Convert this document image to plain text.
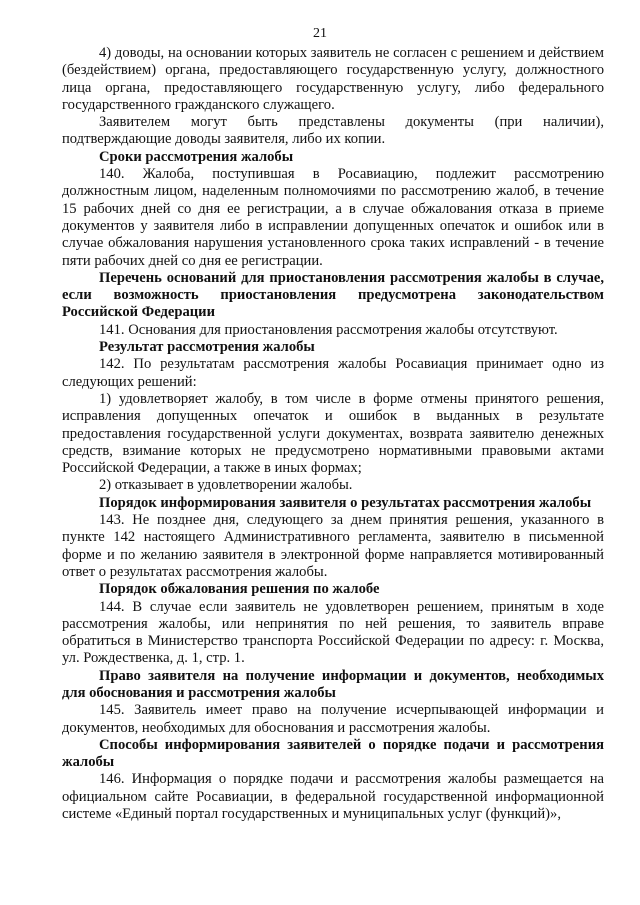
21

4) доводы, на основании которых заявитель не согласен с решением и действием (бездействием) органа, предоставляющего государственную услугу, должностного лица органа, предоставляющего государственную услугу, либо федерального государственного гражданского служащего.

Заявителем могут быть представлены документы (при наличии), подтверждающие доводы заявителя, либо их копии.

Сроки рассмотрения жалобы

140. Жалоба, поступившая в Росавиацию, подлежит рассмотрению должностным лицом, наделенным полномочиями по рассмотрению жалоб, в течение 15 рабочих дней со дня ее регистрации, а в случае обжалования отказа в приеме документов у заявителя либо в исправлении допущенных опечаток и ошибок или в случае обжалования нарушения установленного срока таких исправлений - в течение пяти рабочих дней со дня ее регистрации.

Перечень оснований для приостановления рассмотрения жалобы в случае, если возможность приостановления предусмотрена законодательством Российской Федерации

141. Основания для приостановления рассмотрения жалобы отсутствуют.

Результат рассмотрения жалобы

142. По результатам рассмотрения жалобы Росавиация принимает одно из следующих решений:

1) удовлетворяет жалобу, в том числе в форме отмены принятого решения, исправления допущенных опечаток и ошибок в выданных в результате предоставления государственной услуги документах, возврата заявителю денежных средств, взимание которых не предусмотрено нормативными правовыми актами Российской Федерации, а также в иных формах;

2) отказывает в удовлетворении жалобы.

Порядок информирования заявителя о результатах рассмотрения жалобы

143. Не позднее дня, следующего за днем принятия решения, указанного в пункте 142 настоящего Административного регламента, заявителю в письменной форме и по желанию заявителя в электронной форме направляется мотивированный ответ о результатах рассмотрения жалобы.

Порядок обжалования решения по жалобе

144. В случае если заявитель не удовлетворен решением, принятым в ходе рассмотрения жалобы, или непринятия по ней решения, то заявитель вправе обратиться в Министерство транспорта Российской Федерации по адресу: г. Москва, ул. Рождественка, д. 1, стр. 1.

Право заявителя на получение информации и документов, необходимых для обоснования и рассмотрения жалобы

145. Заявитель имеет право на получение исчерпывающей информации и документов, необходимых для обоснования и рассмотрения жалобы.

Способы информирования заявителей о порядке подачи и рассмотрения жалобы

146. Информация о порядке подачи и рассмотрения жалобы размещается на официальном сайте Росавиации, в федеральной государственной информационной системе «Единый портал государственных и муниципальных услуг (функций)»,
